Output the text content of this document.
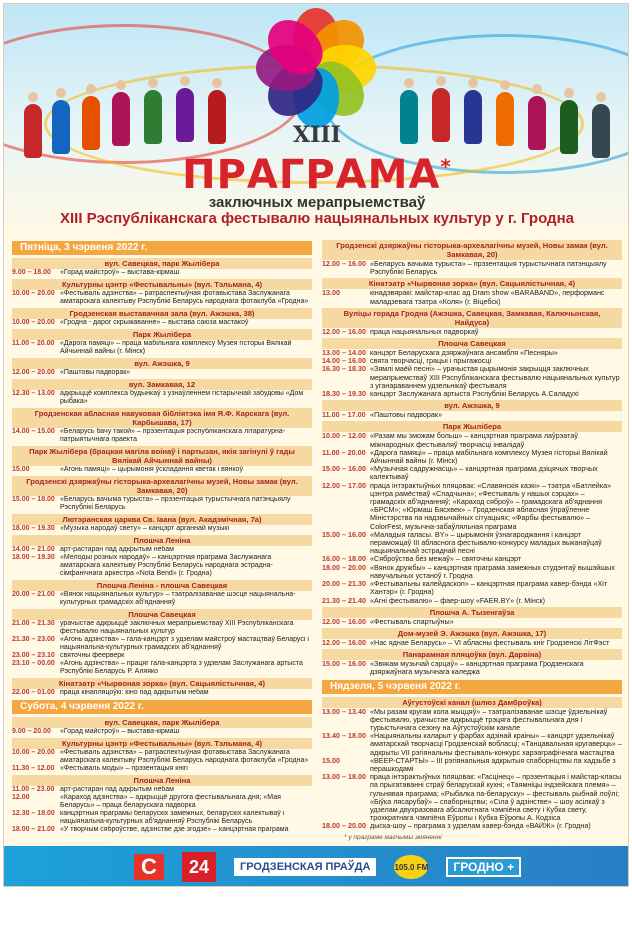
XIII
ПРАГРАМА*
заключных мерапрыемстваў
XIII Рэспубліканскага фестывалю нацыянальных культур у г. Гродна
Пятніца, 3 чэрвеня 2022 г.
вул. Савецкая, парк Жылібера
9.00 – 18.00	«Горад майстроў» – выстава-кірмаш
Культурны цэнтр «Фестывальны» (вул. Тэльмана, 4)
10.00 – 20.00 «Фестываль адзінства» – ратраспектыўная фотавыстава Заслужанага аматарскага калектыву Рэспублікі Беларусь народнага фотаклуба «Гродна»
Гродзенская выставачная зала (вул. Ажэшка, 38)
10.00 – 20.00 «Гродна - дарог скрыжаванне» – выстава саюза мастакоў
Парк Жылібера
11.00 – 20.00 «Дарога памяці» – праца мабільнага комплексу Музея гісторыі Вялікай Айчыннай вайны (г. Мінск)
вул. Ажэшка, 9
12.00 – 20.00 «Паштовы падворак»
вул. Замкавая, 12
12.30 – 13.00 адкрыццё комплекса будынкаў з узнаўленнем гістарычнай забудовы «Дом рыбака»
Гродзенская абласная навуковая бібліятэка імя Я.Ф. Карскага (вул. Карбышава, 17)
14.00 – 15.00 «Беларусь бачу такой» – прэзентацыя рэспубліканскага літаратурна-патрыятычнага праекта
Парк Жылібера (брацкая магіла воінаў і партызан, якія загінулі ў гады Вялікай Айчыннай вайны)
15.00	«Агонь памяці» – цырымонія ўскладання кветак і вянкоў
Гродзенскі дзяржаўны гісторыка-археалагічны музей, Новы замак (вул. Замкавая, 20)
15.00 – 18.00 «Беларусь вачыма турыста» – прэзентацыя турыстычнага патэнцыялу Рэспублікі Беларусь
Лютэранская царква Св. Іаана (вул. Акадэмічная, 7а)
18.00 – 19.30 «Музыка народаў свету» – канцэрт арганнай музыкі
Плошча Леніна
14.00 – 21.00 арт-растаран пад адкрытым небам
18.00 – 19.30 «Мелодыі розных народаў» – канцэртная праграма Заслужанага аматарскага калектыву Рэспублікі Беларусь народнага эстрадна-сімфанічнага аркестра «Nota Bend» (г. Гродна)
Плошча Леніна - плошча Савецкая
20.00 – 21.00 «Вянок нацыянальных культур» – тэатралізаванае шэсце нацыянальна-культурных грамадскіх аб'яднанняў
Плошча Савецкая
21.00 – 21.30 урачыстае адкрыццё заключных мерапрыемстваў XIII Рэспубліканскага фестывалю нацыянальных культур
21.30 – 23.00 «Агонь адзінства» – гала-канцэрт з удзелам майстроў мастацтваў Беларусі і нацыянальна-культурных грамадскіх аб'яднанняў
23.00 – 23.10 святочны феерверк
23.10 – 00.00 «Агонь адзінства» – працяг гала-канцэрта з удзелам Заслужанага артыста Рэспублікі Беларусь Р. Аляяко
Кінатэатр «Чырвоная зорка» (вул. Сацыялістычная, 4)
22.00 – 01.00 праца кінапляцоўкі: кіно пад адкрытым небам
Субота, 4 чэрвеня 2022 г.
вул. Савецкая, парк Жылібера
9.00 – 20.00	«Горад майстроў» – выстава-кірмаш
Культурны цэнтр «Фестывальны» (вул. Тэльмана, 4)
10.00 – 20.00 «Фестываль адзінства» – ратраспектыўная фотавыстава Заслужанага аматарскага калектыву Рэспублікі Беларусь народнага фотаклуба «Гродна»
11.30 – 12.00 «Фестываль моды» – прэзентацыя кнігі
Плошча Леніна
11.00 – 23.00 арт-растаран пад адкрытым небам
12.00	«Караход адзінства» – адкрыццё другога фестывальнага дня; «Мая Беларусь» – праца беларускага падворка
12.30 – 18.00 канцэртныя праграмы беларускіх замежных, беларускіх калектываў і нацыянальна-культурных аб'яднанняў Рэспублікі Беларусь
18.00 – 21.00 «У творчым сяброўстве, адзінстве дзе згодзе» – канцэртная праграма
Гродзенскі дзяржаўны гісторыка-археалагічны музей, Новы замак (вул. Замкавая, 20)
12.00 – 16.00 «Беларусь вачыма турыста» – прэзентацыя турыстычнага патэнцыялу Рэспублікі Беларусь
Кінатэатр «Чырвоная зорка» (вул. Сацыялістычная, 4)
13.00	кінадэвяракі: майстар-клас ад Dram show «BARABAND», перформанс маладзевага тэатра «Коля» (г. Віцебск)
Вуліцы горада Гродна (Ажэшка, Савецкая, Замкавая, Калючынская, Найдуса)
12.00 – 16.00 праца нацыянальных падворкаў
Плошча Савецкая
13.00 – 14.00 канцэрт Беларускага дзяржаўнага ансамбля «Песняры»
14.00 – 16.00 свята творчасці, грацыі і прыгажосці
16.30 – 18.30 «Зямлі маёй песні» – урачыстая цырымонія закрыцця заключных мерапрыемстваў XIII Рэспубліканскага фестывалю нацыянальных культур з уганараваннем удзельнікаў фестываля
18.30 – 19.30 канцэрт Заслужанага артыста Рэспублікі Беларусь А.Саладухі
вул. Ажэшка, 9
11.00 – 17.00 «Паштовы падворак»
Парк Жылібера
10.00 – 12.00 «Разам мы зможам больш» – канцэртная праграма лаўрэатаў міжнародных фестываляў творчасці інвалідаў
11.00 – 20.00 «Дарога памяці» – праца мабільнага комплексу Музея гісторыі Вялікай Айчыннай вайны (г. Мінск)
15.00 – 16.00 «Музычная садружнасць» – канцэртная праграма дзіцячых творчых калектываў
12.00 – 17.00 праца інтэрактыўных пляцовак: «Славянскія казкі» – тэатра «Батлейка» цэнтра рамёстваў «Спадчына»; «Фестываль у нашых сэрцах» – грамадскіх аб'яднанняў; «Караход сяброў» – грамадскага аб'яднання «БРСМ»; «Юрмаш Бясхвек» – Гродзенская абласная ўпраўленне Міністэрства па надзвычайных сітуацыях; «Фарбы фестывалю» – ColorFest, музычна-забаўляльная праграма
15.00 – 16.00 «Маладыя галасы. BY» – цырымонія ўзнагароджання і канцэрт пераможцаў ІІІ абласнога фестывалю-конкурсу маладых выканаўцаў нацыянальнай эстраднай песні
16.00 – 18.00 «Сяброўства без межаў» – святочны канцэрт
18.00 – 20.00 «Вянок дружбы» – канцэртная праграма замежных студэнтаў вышэйшых навучальных устаноў г. Гродна
20.00 – 21.30 «Фестывальны калейдаскоп» – канцэртная праграма кавер-бэнда «Хіт Хантэр» (г. Гродна)
21.30 – 21.40 «Агні фестывалю» – фаер-шоу «FAER.BY» (г. Мінск)
Плошча А. Тызенгаўза
12.00 – 16.00 «Фестываль спартыўны»
Дом-музей Э. Ажэшка (вул. Ажэшка, 17)
12.00 – 16.00 «Нас яднае Беларусь» – VI абласны фестываль кніг Гродзенскі ЛітФэст
Панарамная пляцоўка (вул. Дарвіна)
15.00 – 16.00 «Звякам музычай сэрцаў» – канцэртная праграма Гродзенскага дзяржаўнага музычнага каледжа
Нядзеля, 5 чэрвеня 2022 г.
Аўгустоўскі канал (шлюз Дамброўка)
13.00 – 13.40 «Мы разам кругам кола жыццяў» – тэатралізаванае шэсце ўдзельнікаў фестывалю, урачыстае адкрыццё трэцяга фестывальнага дня і турыстычнага сезону на Аўгустоўскім канале
13.40 – 18.00 «Нацыянальны каларыт у фарбах адзінай краіны» – канцэрт удзельнікаў аматарскай творчасці Гродзенскай вобласці; «Танцавальная кругаверць» – адкрыты VII рэгіянальны фестываль-конкурс харэаграфічнага мастацтва
15.00	«ВЕЕР-СТАРТЫ» – ІІІ рэгіянальныя адкрытыя спаборніцтвы па хадзьбе з перашкодамі
13.00 – 18.00 праца інтэрактыўных пляцовак: «Гасцінец» – прэзентацыя і майстар-класы па прыгатаванні страў беларускай кухні; «Таямніцы індзейскага племя» – гульнявая праграма; «Рыбалка па-беларуску» – фестываль рыбнай лоўлі; «Біўка лясарубаў» – спаборніцтвы; «Сіла ў адзінстве» – шоу асілкаў з удзелам двухразовага абсалютнага чэмпіёна свету і Кубка свету, трохкратнага чэмпіёна Еўропы і Кубка Еўропы А. Кодзіса
18.00 – 20.00 дыска-шоу – праграма з удзелам кавер-бэнда «ВАЙЖ» (г. Гродна)
* у праграме магчымы змяненні
С	24	ГРОДЗЕНСКАЯ ПРАЎДА	105.0 FM	ГРОДНО +
